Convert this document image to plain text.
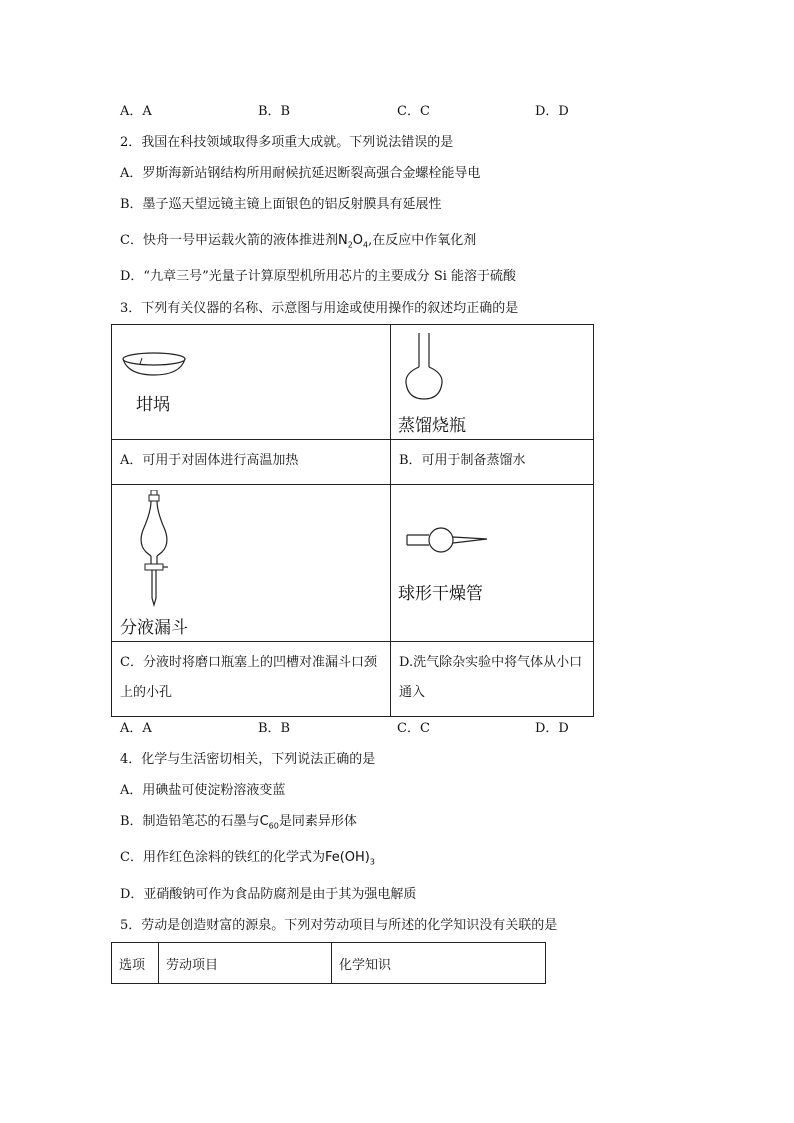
A．A	B．B	C．C	D．D
2．我国在科技领域取得多项重大成就。下列说法错误的是
A．罗斯海新站钢结构所用耐候抗延迟断裂高强合金螺栓能导电
B．墨子巡天望远镜主镜上面银色的铝反射膜具有延展性
C．快舟一号甲运载火箭的液体推进剂$N_2O_4$,在反应中作氧化剂
D．“九章三号”光量子计算原型机所用芯片的主要成分 Si 能溶于硫酸
3．下列有关仪器的名称、示意图与用途或使用操作的叙述均正确的是
坩埚	蒸馏烧瓶

A．可用于对固体进行高温加热	B．可用于制备蒸馏水

分液漏斗	球形干燥管

C．分液时将磨口瓶塞上的凹槽对准漏斗口颈上的小孔	D.洗气除杂实验中将气体从小口通入
A．A	B．B	C．C	D．D
4．化学与生活密切相关，下列说法正确的是
A．用碘盐可使淀粉溶液变蓝
B．制造铅笔芯的石墨与$C_{60}$是同素异形体
C．用作红色涂料的铁红的化学式为$Fe(OH)_3$
D．亚硝酸钠可作为食品防腐剂是由于其为强电解质
5．劳动是创造财富的源泉。下列对劳动项目与所述的化学知识没有关联的是
选项	劳动项目	化学知识
